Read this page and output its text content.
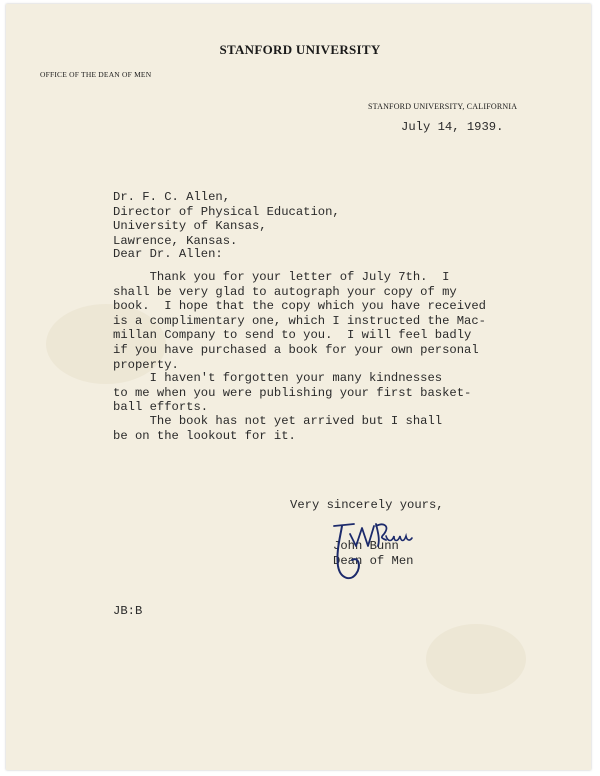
STANFORD UNIVERSITY
OFFICE OF THE DEAN OF MEN
STANFORD UNIVERSITY, CALIFORNIA
July 14, 1939.
Dr. F. C. Allen,
Director of Physical Education,
University of Kansas,
Lawrence, Kansas.
Dear Dr. Allen:
Thank you for your letter of July 7th.  I
shall be very glad to autograph your copy of my
book.  I hope that the copy which you have received
is a complimentary one, which I instructed the Mac-
millan Company to send to you.  I will feel badly
if you have purchased a book for your own personal
property.
I haven't forgotten your many kindnesses
to me when you were publishing your first basket-
ball efforts.
The book has not yet arrived but I shall
be on the lookout for it.
Very sincerely yours,
John Bunn
Dean of Men
JB:B
